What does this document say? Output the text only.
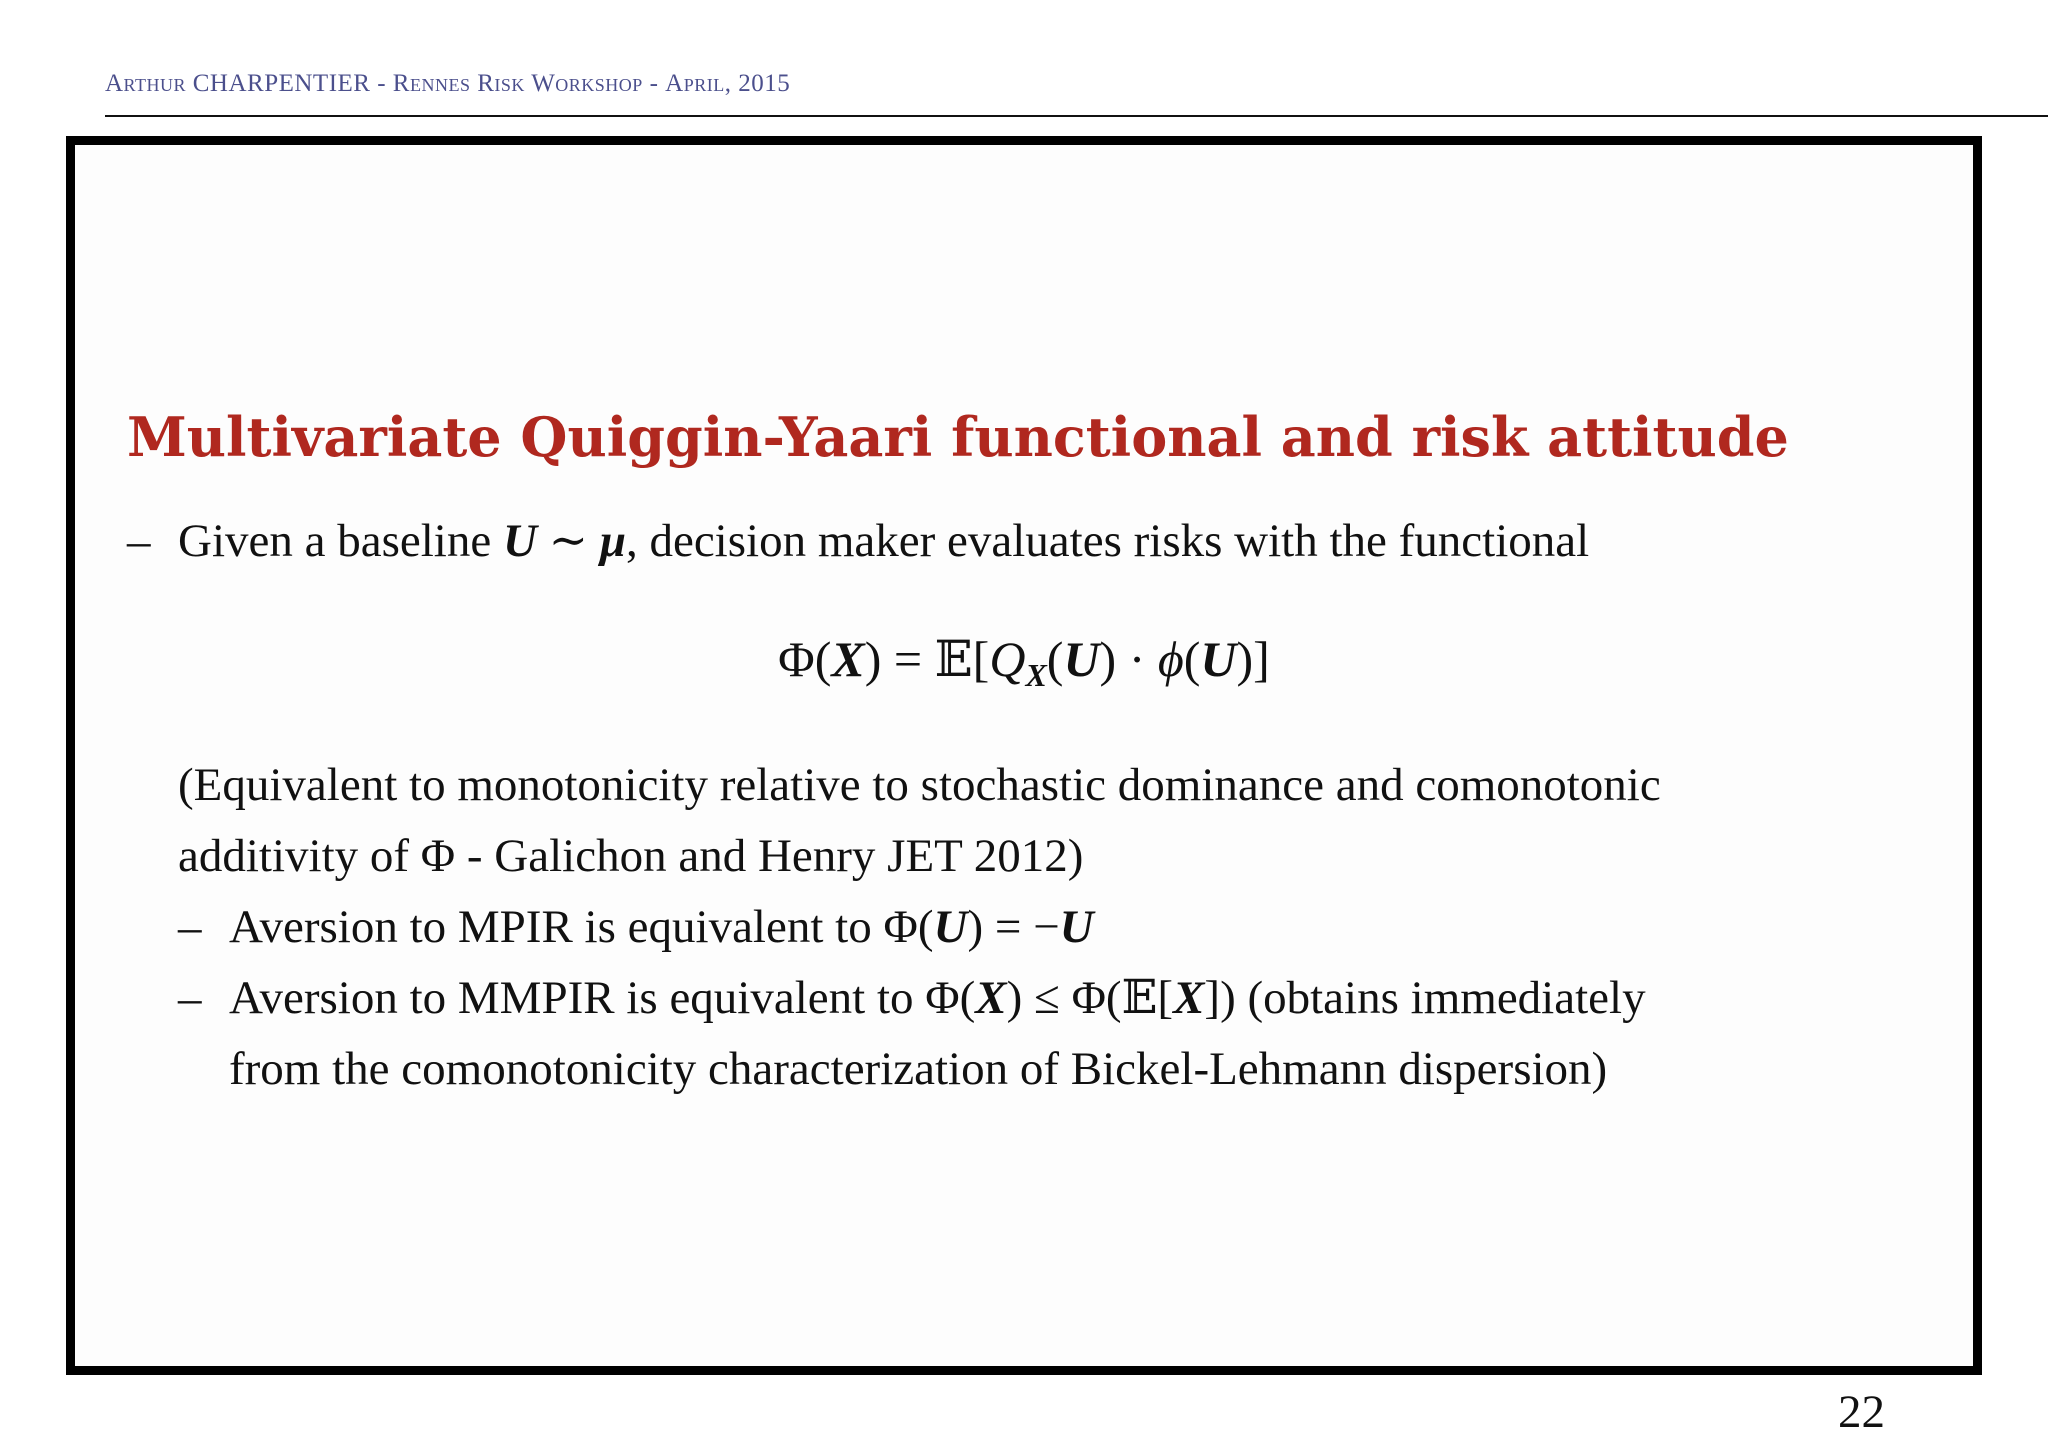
Arthur CHARPENTIER - Rennes Risk Workshop - April, 2015
Multivariate Quiggin-Yaari functional and risk attitude
– Given a baseline U ∼ μ, decision maker evaluates risks with the functional
$\Phi(X) = 𝔼[Q_X(U) \cdot \phi(U)]$
(Equivalent to monotonicity relative to stochastic dominance and comonotonic
additivity of Φ - Galichon and Henry JET 2012)
– Aversion to MPIR is equivalent to Φ(U) = −U
– Aversion to MMPIR is equivalent to Φ(X) ≤ Φ(𝔼[X]) (obtains immediately
from the comonotonicity characterization of Bickel-Lehmann dispersion)
22
